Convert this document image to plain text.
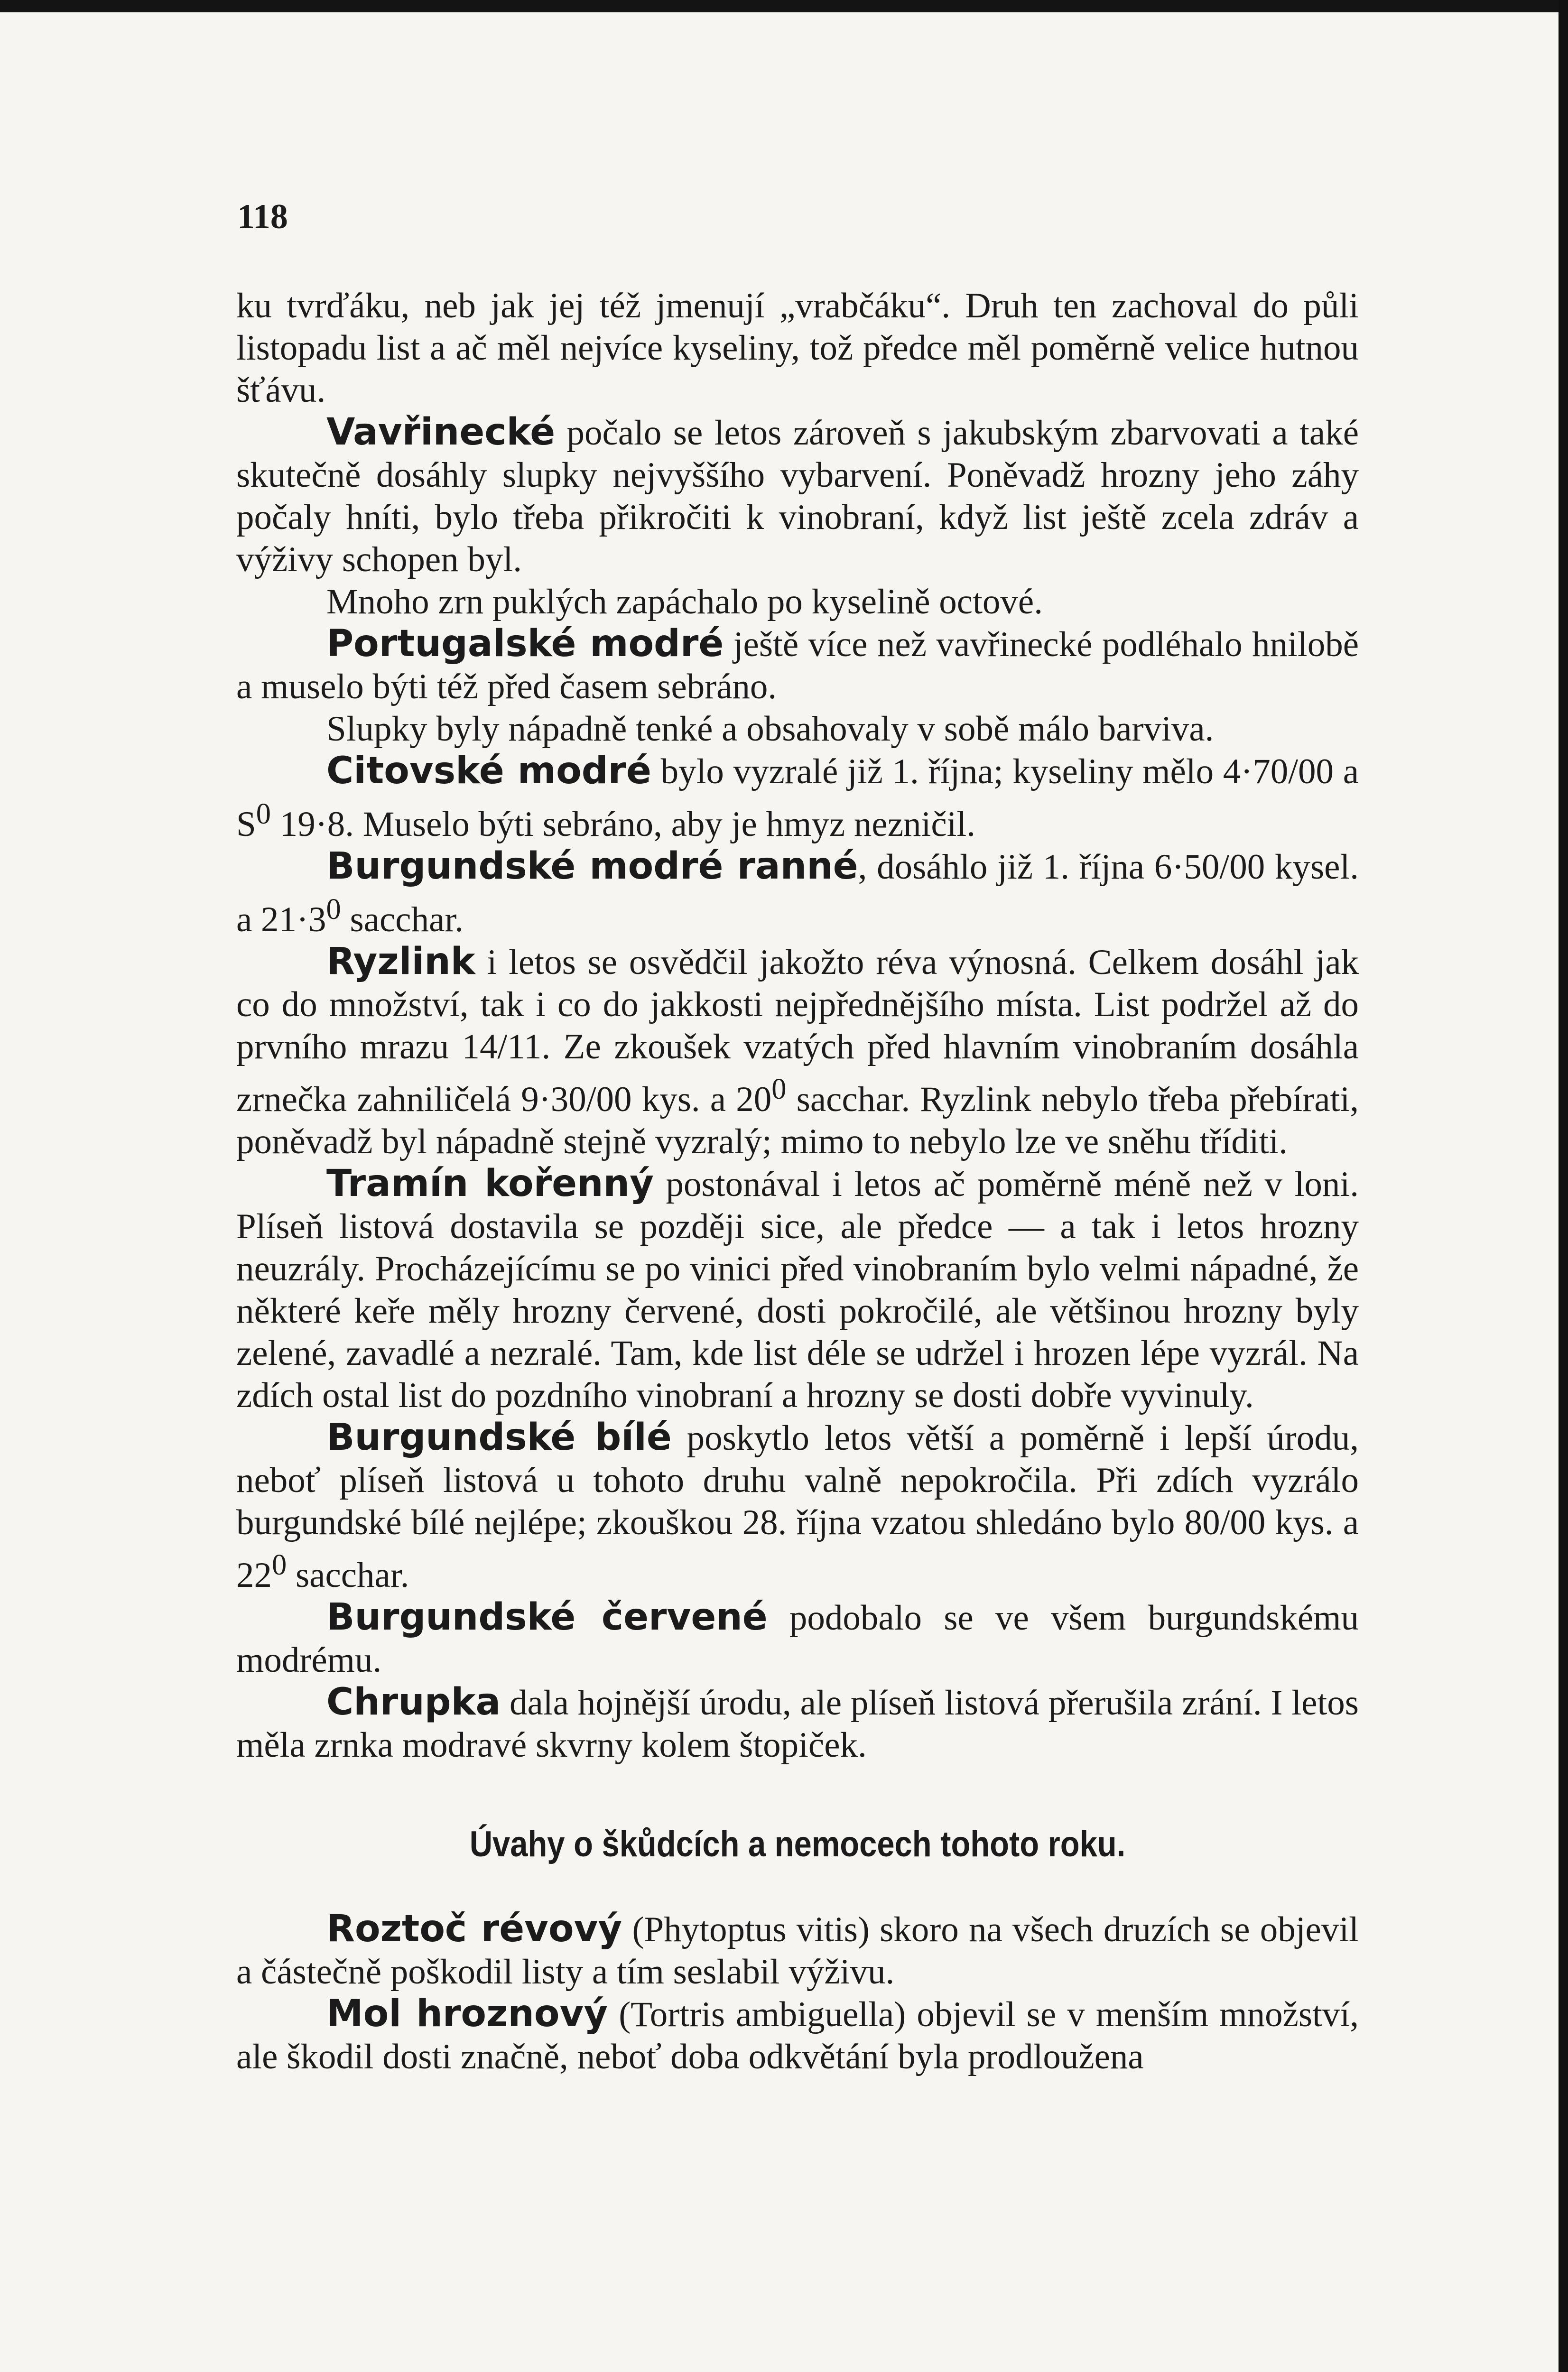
118

ku tvrďáku, neb jak jej též jmenují „vrabčáku“. Druh ten zachoval do půli listopadu list a ač měl nejvíce kyseliny, tož předce měl poměrně velice hutnou šťávu.

Vavřinecké počalo se letos zároveň s jakubským zbarvovati a také skutečně dosáhly slupky nejvyššího vybarvení. Poněvadž hrozny jeho záhy počaly hníti, bylo třeba přikročiti k vinobraní, když list ještě zcela zdráv a výživy schopen byl.

Mnoho zrn puklých zapáchalo po kyselině octové.

Portugalské modré ještě více než vavřinecké podléhalo hnilobě a muselo býti též před časem sebráno.

Slupky byly nápadně tenké a obsahovaly v sobě málo barviva.

Citovské modré bylo vyzralé již 1. října; kyseliny mělo 4·70/00 a $S^0$ 19·8. Muselo býti sebráno, aby je hmyz nezničil.

Burgundské modré ranné, dosáhlo již 1. října 6·50/00 kysel. a $21\cdot 3^0$ sacchar.

Ryzlink i letos se osvědčil jakožto réva výnosná. Celkem dosáhl jak co do množství, tak i co do jakkosti nejpřednějšího místa. List podržel až do prvního mrazu 14/11. Ze zkoušek vzatých před hlavním vinobraním dosáhla zrnečka zahniličelá 9·30/00 kys. a $20^0$ sacchar. Ryzlink nebylo třeba přebírati, poněvadž byl nápadně stejně vyzralý; mimo to nebylo lze ve sněhu tříditi.

Tramín kořenný postonával i letos ač poměrně méně než v loni. Plíseň listová dostavila se později sice, ale předce — a tak i letos hrozny neuzrály. Procházejícímu se po vinici před vinobraním bylo velmi nápadné, že některé keře měly hrozny červené, dosti pokročilé, ale většinou hrozny byly zelené, zavadlé a nezralé. Tam, kde list déle se udržel i hrozen lépe vyzrál. Na zdích ostal list do pozdního vinobraní a hrozny se dosti dobře vyvinuly.

Burgundské bílé poskytlo letos větší a poměrně i lepší úrodu, neboť plíseň listová u tohoto druhu valně nepokročila. Při zdích vyzrálo burgundské bílé nejlépe; zkouškou 28. října vzatou shledáno bylo 80/00 kys. a $22^0$ sacchar.

Burgundské červené podobalo se ve všem burgundskému modrému.

Chrupka dala hojnější úrodu, ale plíseň listová přerušila zrání. I letos měla zrnka modravé skvrny kolem štopiček.

Úvahy o škůdcích a nemocech tohoto roku.

Roztoč révový (Phytoptus vitis) skoro na všech druzích se objevil a částečně poškodil listy a tím seslabil výživu.

Mol hroznový (Tortris ambiguella) objevil se v menším množství, ale škodil dosti značně, neboť doba odkvětání byla prodloužena
